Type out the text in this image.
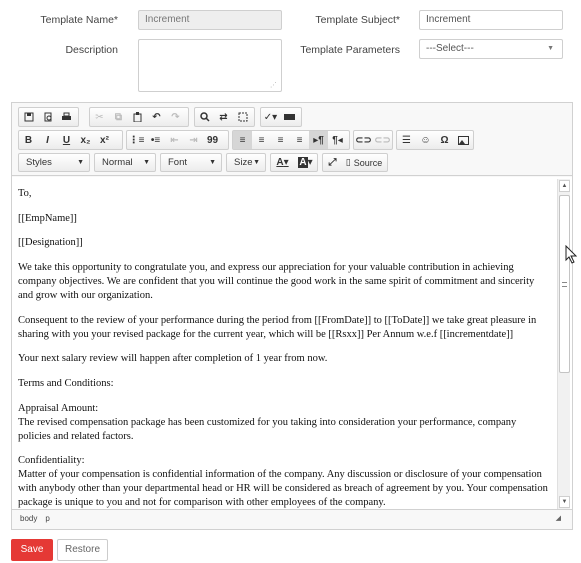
Template Name*	Increment	Template Subject*	Increment
Description
⋰
Template Parameters	---Select---	▼
✂	⧉	↶	↷	⇄	✓▾
B	I	U	x₂ x²	⋮≡ •≡	⇤	⇥ 99	≡	≡	≡	≡	▸¶ ¶◂	⊂⊃ ⊂⊃	☰ ☺ Ω
Styles	▼	Normal ▼	Font	▼	Size ▼ A ▾	A ▾	⤢	▯ Source

To,

[[EmpName]]

[[Designation]]

We take this opportunity to congratulate you, and express our appreciation for your valuable contribution in achieving company objectives. We are confident that you will continue the good work in the same spirit of commitment and sincerity and grow with our organization.

Consequent to the review of your performance during the period from [[FromDate]] to [[ToDate]] we take great pleasure in sharing with you your revised package for the current year, which will be [[Rsxx]] Per Annum w.e.f [[incrementdate]]

Your next salary review will happen after completion of 1 year from now.

Terms and Conditions:

Appraisal Amount:

The revised compensation package has been customized for you taking into consideration your performance, company policies and related factors.

Confidentiality:

Matter of your compensation is confidential information of the company. Any discussion or disclosure of your compensation with anybody other than your departmental head or HR will be considered as breach of agreement by you. Your compensation package is unique to you and not for comparison with other employees of the company.

▲
▼
body p	◢
Save	Restore
